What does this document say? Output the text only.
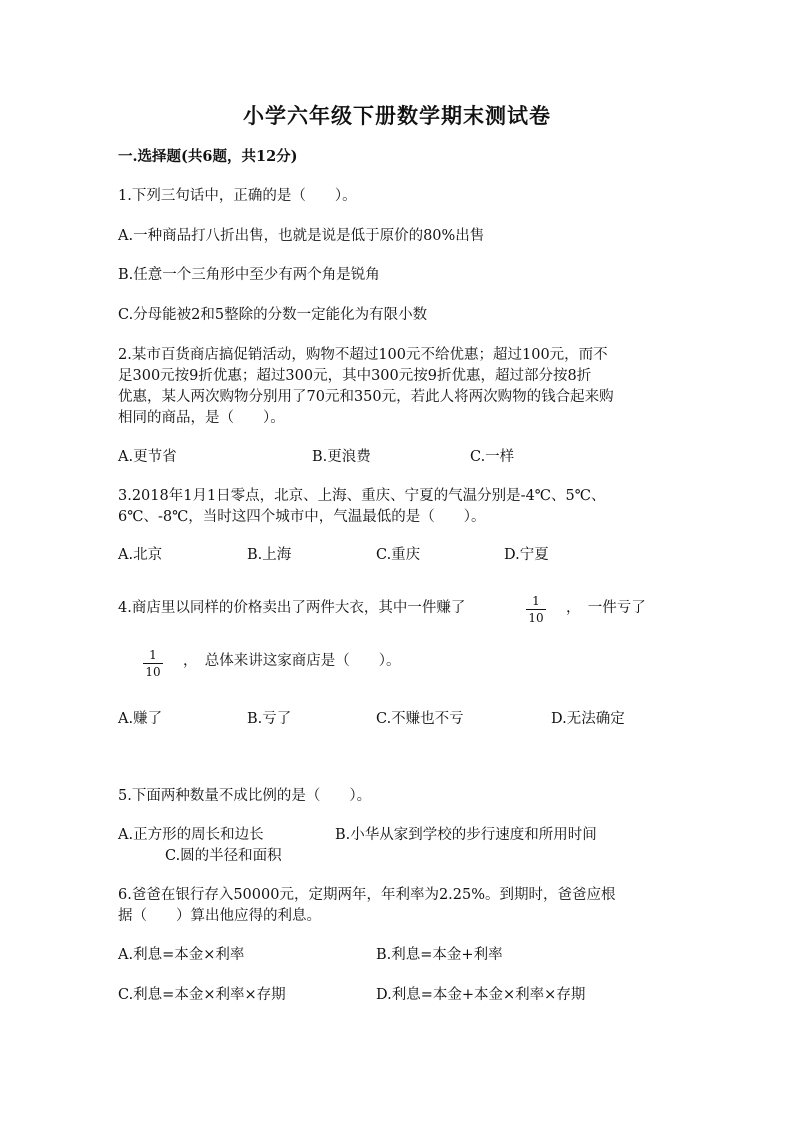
小学六年级下册数学期末测试卷
一.选择题(共6题，共12分)
1.下列三句话中，正确的是（　　）。
A.一种商品打八折出售，也就是说是低于原价的80%出售
B.任意一个三角形中至少有两个角是锐角
C.分母能被2和5整除的分数一定能化为有限小数
2.某市百货商店搞促销活动，购物不超过100元不给优惠；超过100元，而不
足300元按9折优惠；超过300元，其中300元按9折优惠，超过部分按8折
优惠，某人两次购物分别用了70元和350元，若此人将两次购物的钱合起来购
相同的商品，是（　　）。
A.更节省	B.更浪费	C.一样
3.2018年1月1日零点，北京、上海、重庆、宁夏的气温分别是-4℃、5℃、
6℃、-8℃，当时这四个城市中，气温最低的是（　　）。
A.北京	B.上海	C.重庆	D.宁夏
4.商店里以同样的价格卖出了两件大衣，其中一件赚了	1
10
，　一件亏了
1
10
，　总体来讲这家商店是（　　）。
A.赚了	B.亏了	C.不赚也不亏	D.无法确定
5.下面两种数量不成比例的是（　　）。
A.正方形的周长和边长	B.小华从家到学校的步行速度和所用时间
C.圆的半径和面积
6.爸爸在银行存入50000元，定期两年，年利率为2.25%。到期时，爸爸应根
据（　　）算出他应得的利息。
A.利息=本金×利率	B.利息=本金+利率
C.利息=本金×利率×存期	D.利息=本金+本金×利率×存期
